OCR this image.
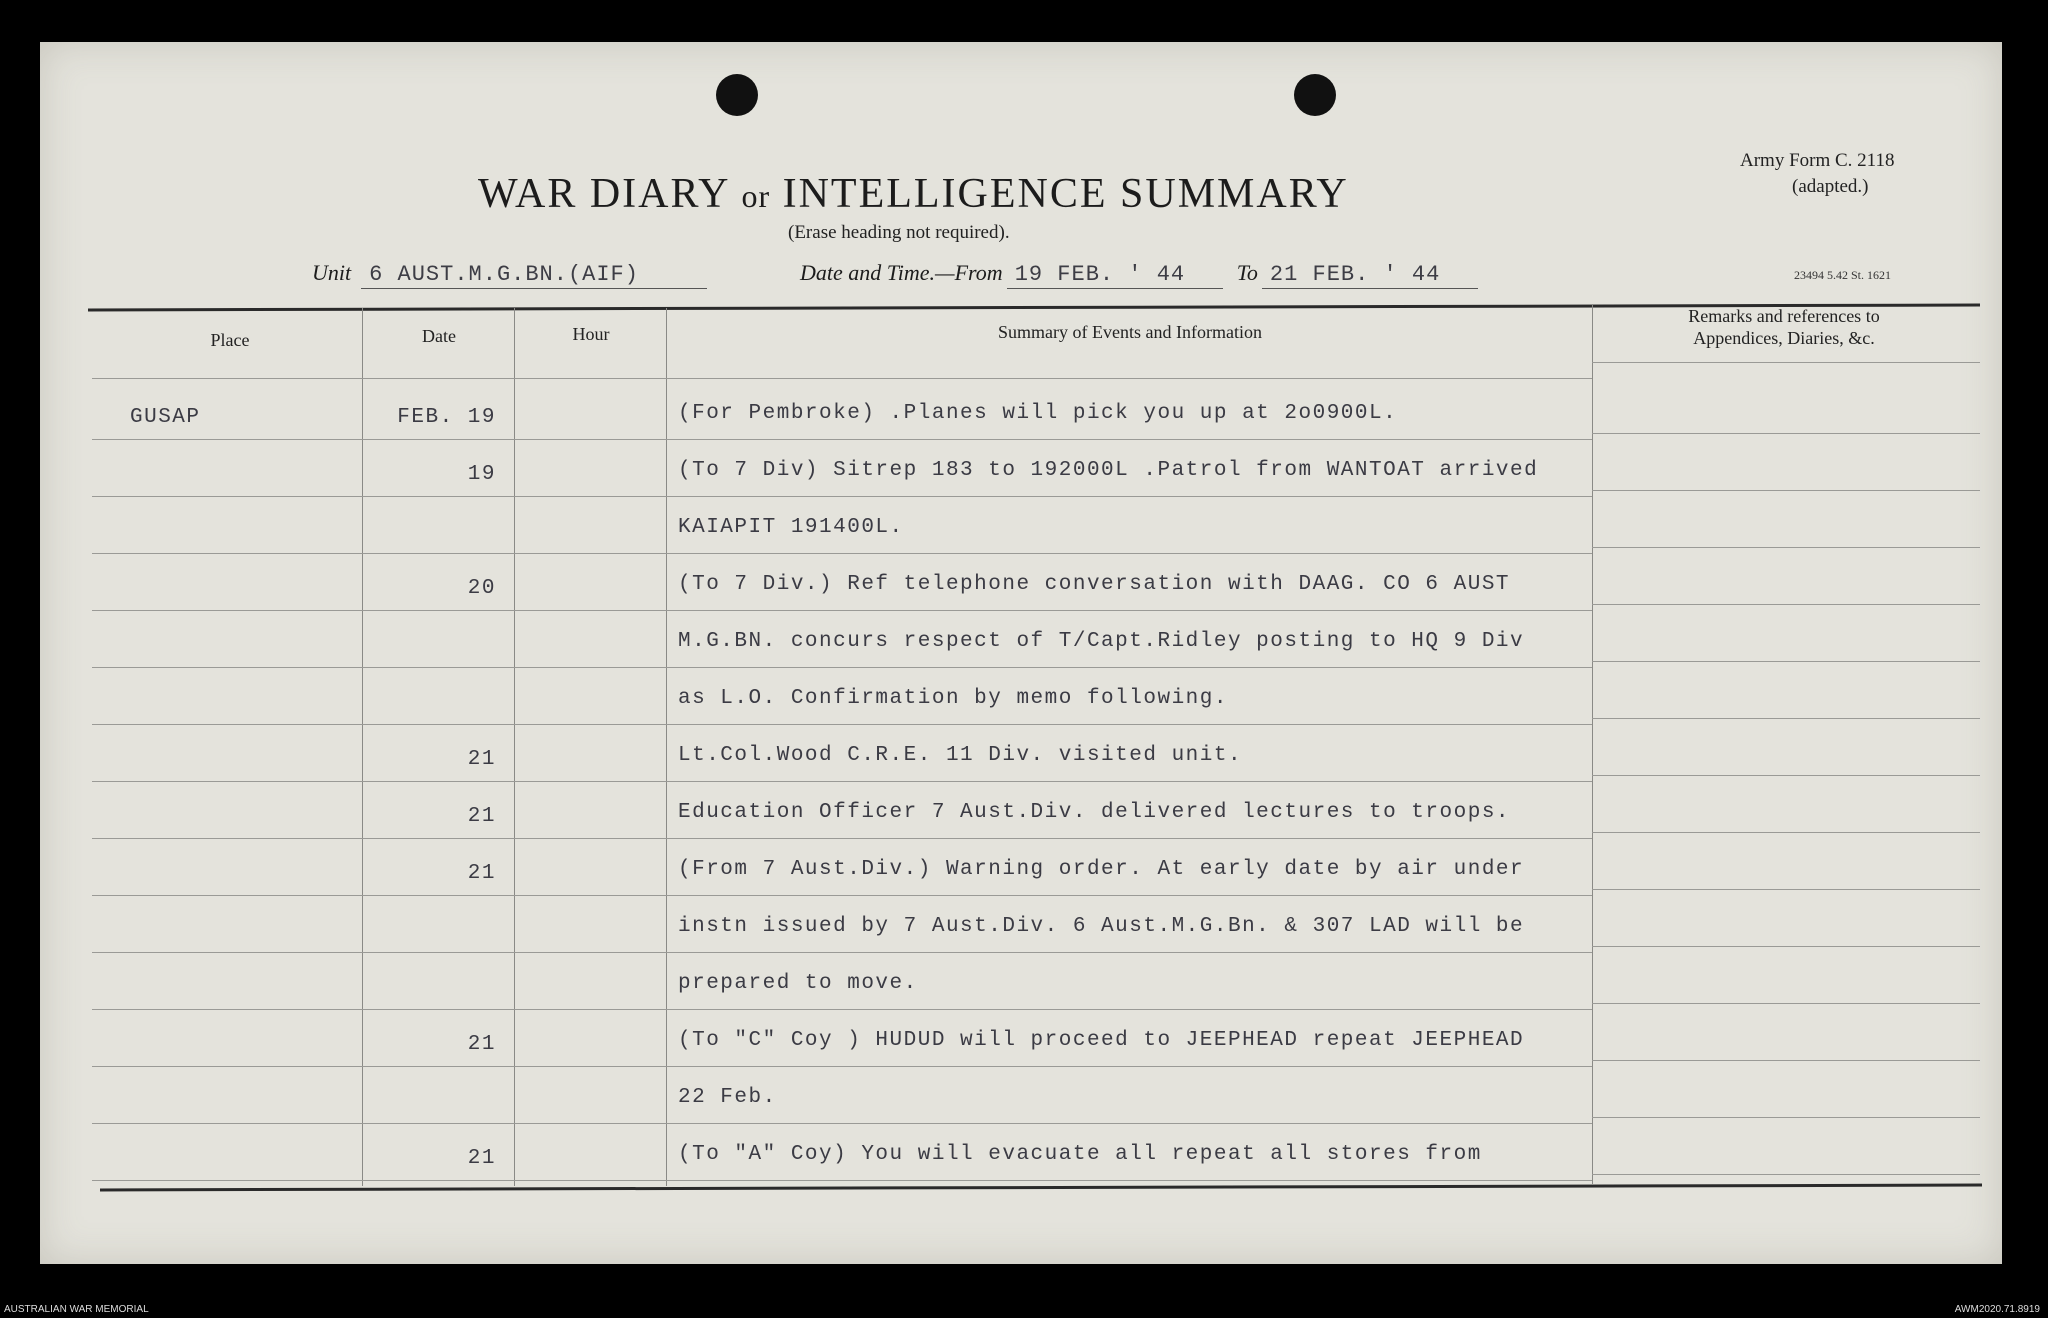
WAR DIARY or INTELLIGENCE SUMMARY
(Erase heading not required).
Army Form C. 2118
(adapted.)
23494 5.42 St. 1621
Unit 6 AUST.M.G.BN.(AIF)	Date and Time.—From 19 FEB. ' 44 To 21 FEB. ' 44
Place	Date	Hour	Summary of Events and Information
Remarks and references to
Appendices, Diaries, &c.
GUSAP	FEB. 19	(For Pembroke) .Planes will pick you up at 2o0900L.
19	(To 7 Div) Sitrep 183 to 192000L .Patrol from WANTOAT arrived
KAIAPIT 191400L.
20	(To 7 Div.) Ref telephone conversation with DAAG. CO 6 AUST
M.G.BN. concurs respect of T/Capt.Ridley posting to HQ 9 Div
as L.O. Confirmation by memo following.
21	Lt.Col.Wood C.R.E. 11 Div. visited unit.
21	Education Officer 7 Aust.Div. delivered lectures to troops.
21	(From 7 Aust.Div.) Warning order. At early date by air under
instn issued by 7 Aust.Div. 6 Aust.M.G.Bn. & 307 LAD will be
prepared to move.
21	(To "C" Coy ) HUDUD will proceed to JEEPHEAD repeat JEEPHEAD
22 Feb.
21	(To "A" Coy) You will evacuate all repeat all stores from
AUSTRALIAN WAR MEMORIAL	AWM2020.71.8919
